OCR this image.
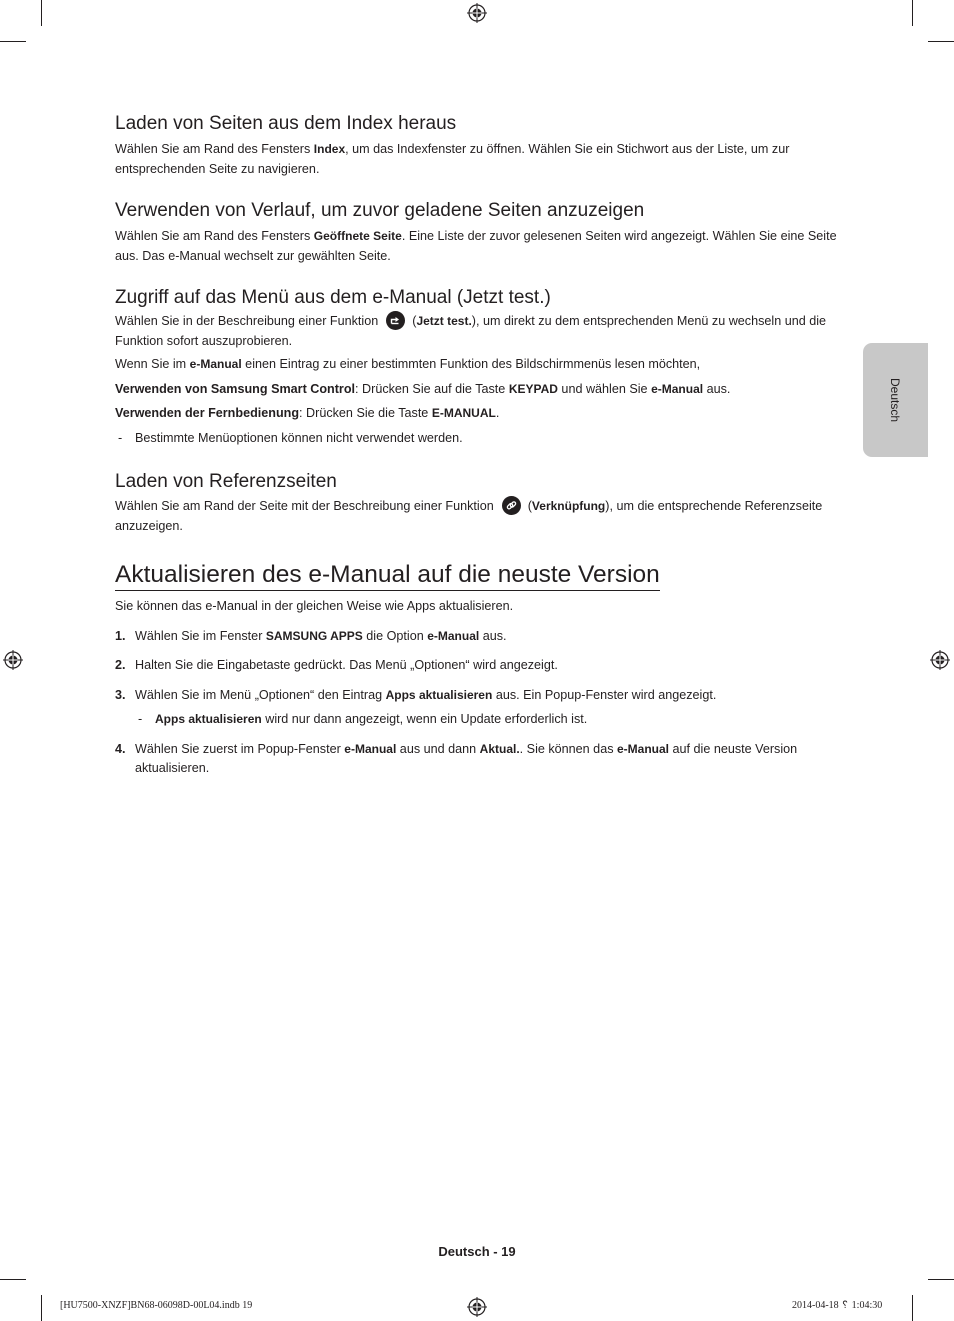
Deutsch
Laden von Seiten aus dem Index heraus

Wählen Sie am Rand des Fensters Index, um das Indexfenster zu öffnen. Wählen Sie ein Stichwort aus der Liste, um zur entsprechenden Seite zu navigieren.

Verwenden von Verlauf, um zuvor geladene Seiten anzuzeigen

Wählen Sie am Rand des Fensters Geöffnete Seite. Eine Liste der zuvor gelesenen Seiten wird angezeigt. Wählen Sie eine Seite aus. Das e-Manual wechselt zur gewählten Seite.

Zugriff auf das Menü aus dem e-Manual (Jetzt test.)

Wählen Sie in der Beschreibung einer Funktion	(Jetzt test.), um direkt zu dem entsprechenden Menü zu wechseln und die Funktion sofort auszuprobieren.

Wenn Sie im e-Manual einen Eintrag zu einer bestimmten Funktion des Bildschirmmenüs lesen möchten,

Verwenden von Samsung Smart Control: Drücken Sie auf die Taste KEYPAD und wählen Sie e-Manual aus.

Verwenden der Fernbedienung: Drücken Sie die Taste E-MANUAL.

- Bestimmte Menüoptionen können nicht verwendet werden.

Laden von Referenzseiten

Wählen Sie am Rand der Seite mit der Beschreibung einer Funktion	(Verknüpfung), um die entsprechende Referenzseite anzuzeigen.

Aktualisieren des e-Manual auf die neuste Version

Sie können das e-Manual in der gleichen Weise wie Apps aktualisieren.

1. Wählen Sie im Fenster SAMSUNG APPS die Option e-Manual aus.

2. Halten Sie die Eingabetaste gedrückt. Das Menü „Optionen“ wird angezeigt.

3. Wählen Sie im Menü „Optionen“ den Eintrag Apps aktualisieren aus. Ein Popup-Fenster wird angezeigt.

- Apps aktualisieren wird nur dann angezeigt, wenn ein Update erforderlich ist.

4. Wählen Sie zuerst im Popup-Fenster e-Manual aus und dann Aktual.. Sie können das e-Manual auf die neuste Version aktualisieren.

Deutsch - 19
[HU7500-XNZF]BN68-06098D-00L04.indb 19	2014-04-18 ␦ 1:04:30
